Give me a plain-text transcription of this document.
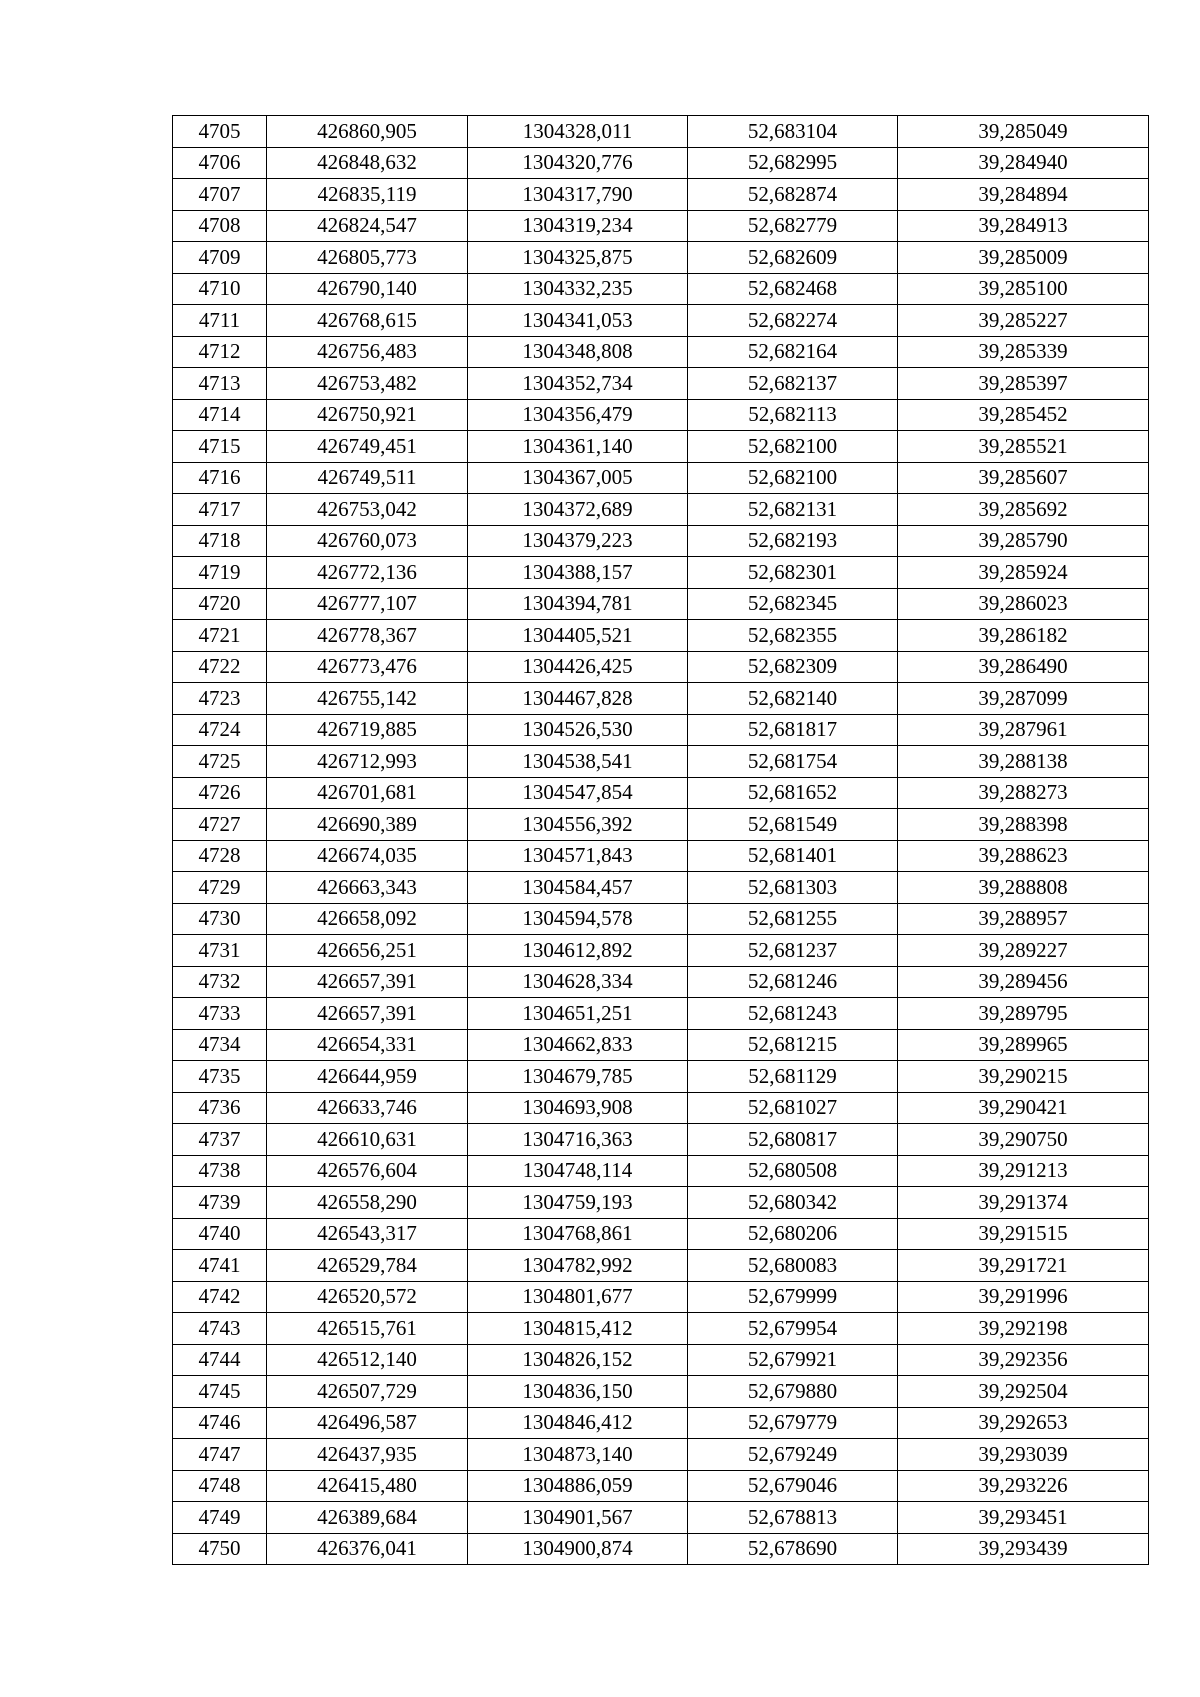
4705	426860,905	1304328,011	52,683104	39,285049
4706	426848,632	1304320,776	52,682995	39,284940
4707	426835,119	1304317,790	52,682874	39,284894
4708	426824,547	1304319,234	52,682779	39,284913
4709	426805,773	1304325,875	52,682609	39,285009
4710	426790,140	1304332,235	52,682468	39,285100
4711	426768,615	1304341,053	52,682274	39,285227
4712	426756,483	1304348,808	52,682164	39,285339
4713	426753,482	1304352,734	52,682137	39,285397
4714	426750,921	1304356,479	52,682113	39,285452
4715	426749,451	1304361,140	52,682100	39,285521
4716	426749,511	1304367,005	52,682100	39,285607
4717	426753,042	1304372,689	52,682131	39,285692
4718	426760,073	1304379,223	52,682193	39,285790
4719	426772,136	1304388,157	52,682301	39,285924
4720	426777,107	1304394,781	52,682345	39,286023
4721	426778,367	1304405,521	52,682355	39,286182
4722	426773,476	1304426,425	52,682309	39,286490
4723	426755,142	1304467,828	52,682140	39,287099
4724	426719,885	1304526,530	52,681817	39,287961
4725	426712,993	1304538,541	52,681754	39,288138
4726	426701,681	1304547,854	52,681652	39,288273
4727	426690,389	1304556,392	52,681549	39,288398
4728	426674,035	1304571,843	52,681401	39,288623
4729	426663,343	1304584,457	52,681303	39,288808
4730	426658,092	1304594,578	52,681255	39,288957
4731	426656,251	1304612,892	52,681237	39,289227
4732	426657,391	1304628,334	52,681246	39,289456
4733	426657,391	1304651,251	52,681243	39,289795
4734	426654,331	1304662,833	52,681215	39,289965
4735	426644,959	1304679,785	52,681129	39,290215
4736	426633,746	1304693,908	52,681027	39,290421
4737	426610,631	1304716,363	52,680817	39,290750
4738	426576,604	1304748,114	52,680508	39,291213
4739	426558,290	1304759,193	52,680342	39,291374
4740	426543,317	1304768,861	52,680206	39,291515
4741	426529,784	1304782,992	52,680083	39,291721
4742	426520,572	1304801,677	52,679999	39,291996
4743	426515,761	1304815,412	52,679954	39,292198
4744	426512,140	1304826,152	52,679921	39,292356
4745	426507,729	1304836,150	52,679880	39,292504
4746	426496,587	1304846,412	52,679779	39,292653
4747	426437,935	1304873,140	52,679249	39,293039
4748	426415,480	1304886,059	52,679046	39,293226
4749	426389,684	1304901,567	52,678813	39,293451
4750	426376,041	1304900,874	52,678690	39,293439
